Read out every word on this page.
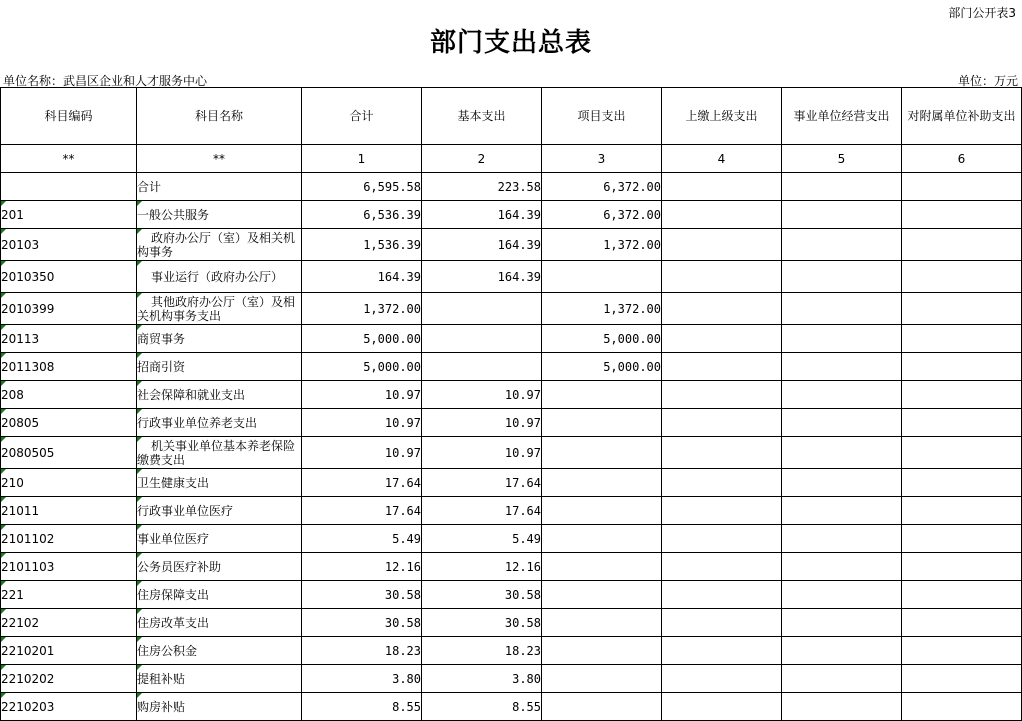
部门公开表3
部门支出总表
单位名称：武昌区企业和人才服务中心	单位：万元
科目编码	科目名称	合计	基本支出	项目支出	上缴上级支出	事业单位经营支出	对附属单位补助支出

**	**	1	2	3	4	5	6
	合计	6,595.58	223.58	6,372.00			
201	一般公共服务	6,536.39	164.39	6,372.00			
20103	政府办公厅（室）及相关机构事务	1,536.39	164.39	1,372.00			
2010350	事业运行（政府办公厅）	164.39	164.39				
2010399	其他政府办公厅（室）及相关机构事务支出	1,372.00		1,372.00			
20113	商贸事务	5,000.00		5,000.00			
2011308	招商引资	5,000.00		5,000.00			
208	社会保障和就业支出	10.97	10.97				
20805	行政事业单位养老支出	10.97	10.97				
2080505	机关事业单位基本养老保险缴费支出	10.97	10.97				
210	卫生健康支出	17.64	17.64				
21011	行政事业单位医疗	17.64	17.64				
2101102	事业单位医疗	5.49	5.49				
2101103	公务员医疗补助	12.16	12.16				
221	住房保障支出	30.58	30.58				
22102	住房改革支出	30.58	30.58				
2210201	住房公积金	18.23	18.23				
2210202	提租补贴	3.80	3.80				
2210203	购房补贴	8.55	8.55				
